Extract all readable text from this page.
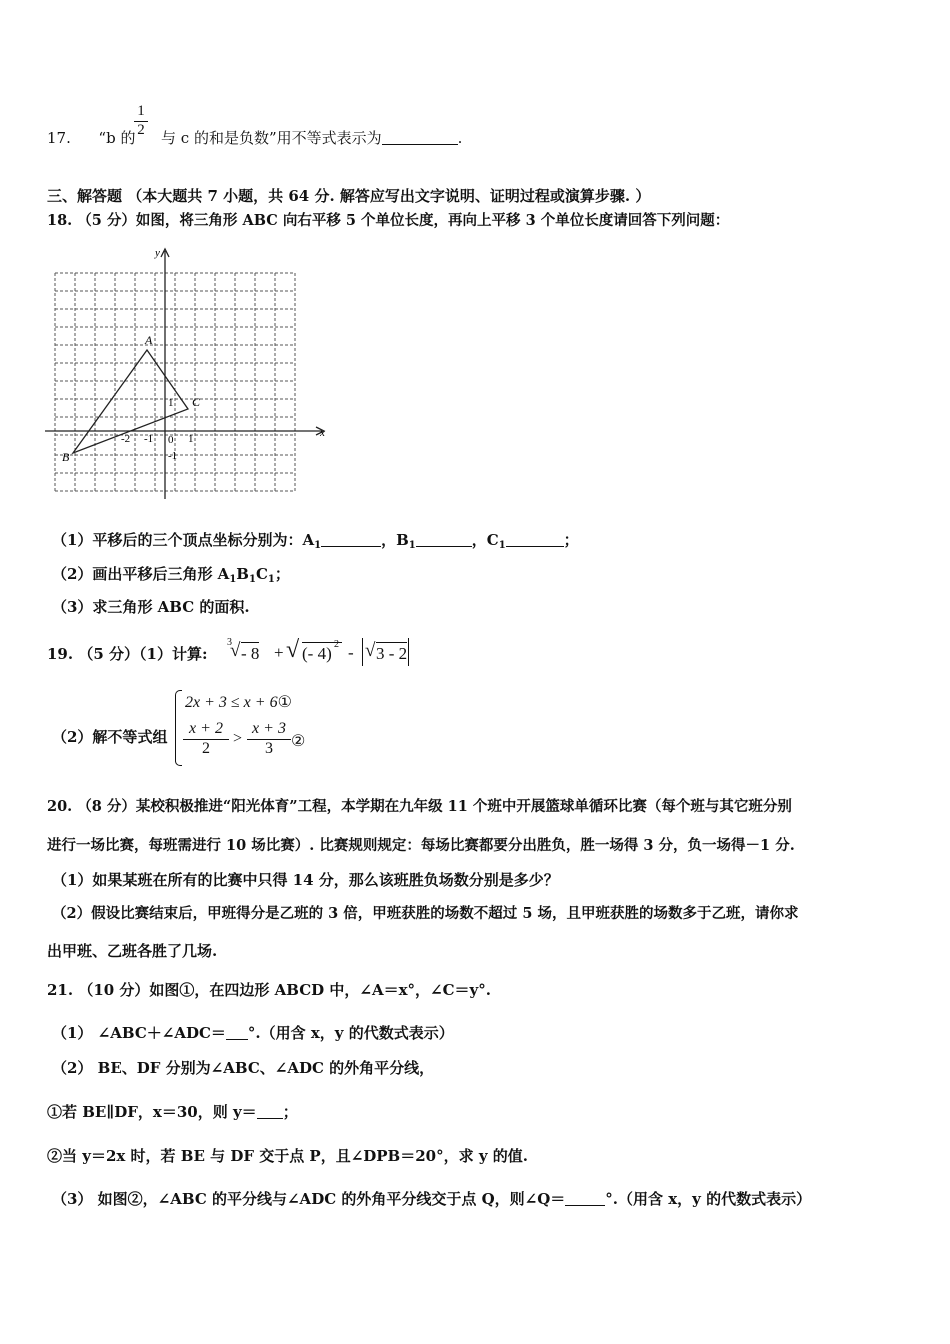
17. “b 的 与 c 的和是负数”用不等式表示为	.
1
2
三、解答题 （本大题共 7 小题，共 64 分. 解答应写出文字说明、证明过程或演算步骤. ）
18. （5 分）如图，将三角形 ABC 向右平移 5 个单位长度，再向上平移 3 个单位长度请回答下列问题：
A
B
C
x
y
0
-2 -1	1
1
-1
（1）平移后的三个顶点坐标分别为：$A_1$	，$B_1$	，$C_1$	；
（2）画出平移后三角形 $A_1B_1C_1$；
（3）求三角形 ABC 的面积.
19. （5 分）（1）计算:
3
√ - 8 + √ (- 4) 2 - √ 3 - 2
（2）解不等式组
2x + 3 ≤ x + 6①
x + 2
2
>
x + 3
3	②
20. （8 分）某校积极推进“阳光体育”工程，本学期在九年级 11 个班中开展篮球单循环比赛（每个班与其它班分别
进行一场比赛，每班需进行 10 场比赛）. 比赛规则规定：每场比赛都要分出胜负，胜一场得 3 分，负一场得－1 分.
（1）如果某班在所有的比赛中只得 14 分，那么该班胜负场数分别是多少？
（2）假设比赛结束后，甲班得分是乙班的 3 倍，甲班获胜的场数不超过 5 场，且甲班获胜的场数多于乙班，请你求
出甲班、乙班各胜了几场.
21. （10 分）如图①，在四边形 ABCD 中，∠A＝x°，∠C＝y°.
（1） ∠ABC＋∠ADC＝ °.（用含 x，y 的代数式表示）
（2） BE、DF 分别为∠ABC、∠ADC 的外角平分线，
①若 BE∥DF，x＝30，则 y＝ ；
②当 y＝2x 时，若 BE 与 DF 交于点 P，且∠DPB＝20°，求 y 的值.
（3） 如图②，∠ABC 的平分线与∠ADC 的外角平分线交于点 Q，则∠Q＝	°.（用含 x，y 的代数式表示）
